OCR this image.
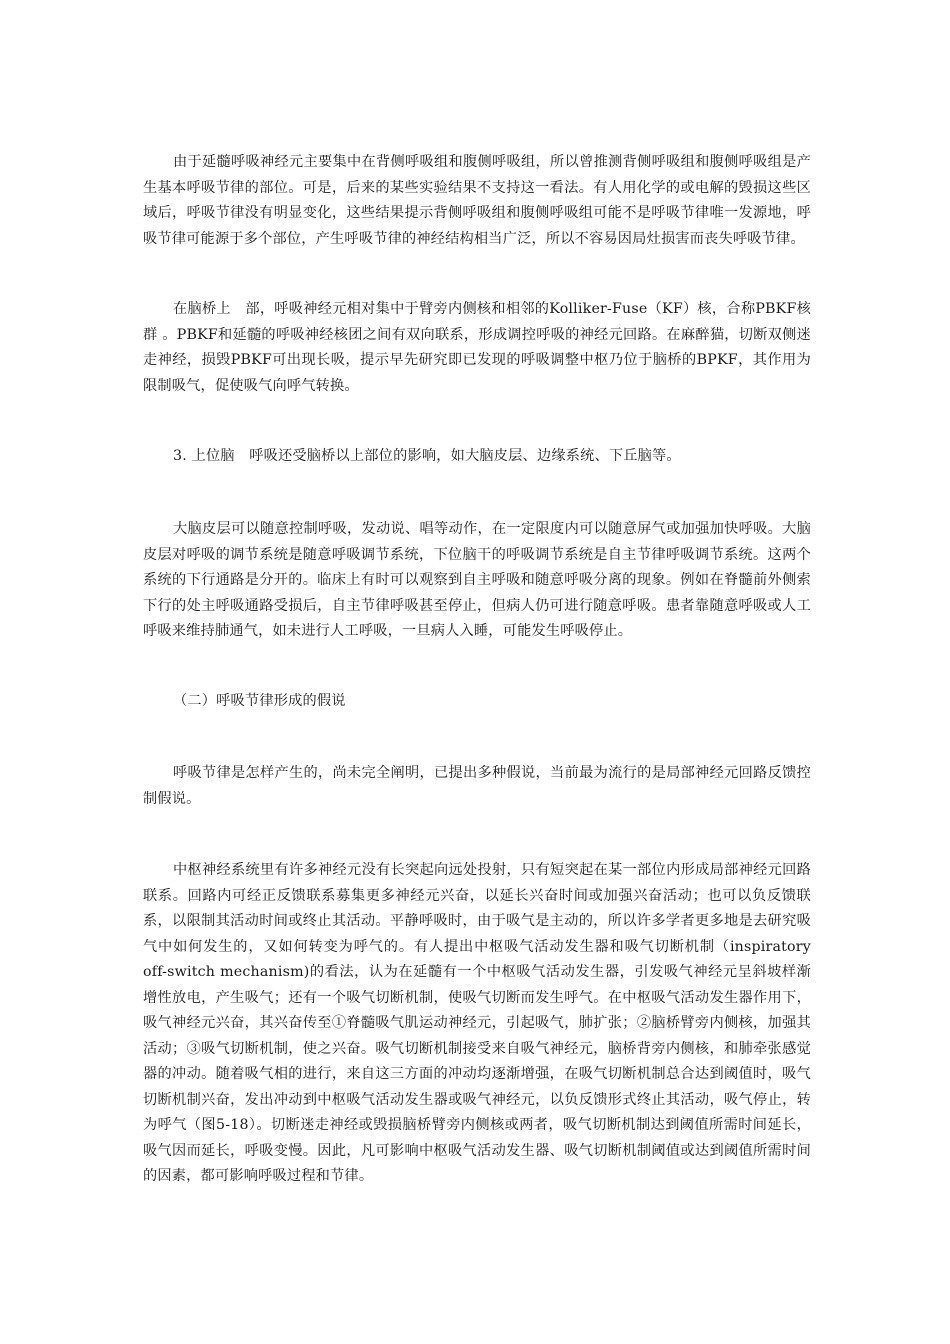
由于延髓呼吸神经元主要集中在背侧呼吸组和腹侧呼吸组，所以曾推测背侧呼吸组和腹侧呼吸组是产生基本呼吸节律的部位。可是，后来的某些实验结果不支持这一看法。有人用化学的或电解的毁损这些区域后，呼吸节律没有明显变化，这些结果提示背侧呼吸组和腹侧呼吸组可能不是呼吸节律唯一发源地，呼吸节律可能源于多个部位，产生呼吸节律的神经结构相当广泛，所以不容易因局灶损害而丧失呼吸节律。

在脑桥上　部，呼吸神经元相对集中于臂旁内侧核和相邻的Kolliker-Fuse（KF）核，合称PBKF核群 。PBKF和延髓的呼吸神经核团之间有双向联系，形成调控呼吸的神经元回路。在麻醉猫，切断双侧迷走神经，损毁PBKF可出现长吸，提示早先研究即已发现的呼吸调整中枢乃位于脑桥的BPKF，其作用为限制吸气，促使吸气向呼气转换。

3. 上位脑　呼吸还受脑桥以上部位的影响，如大脑皮层、边缘系统、下丘脑等。

大脑皮层可以随意控制呼吸，发动说、唱等动作，在一定限度内可以随意屏气或加强加快呼吸。大脑皮层对呼吸的调节系统是随意呼吸调节系统，下位脑干的呼吸调节系统是自主节律呼吸调节系统。这两个系统的下行通路是分开的。临床上有时可以观察到自主呼吸和随意呼吸分离的现象。例如在脊髓前外侧索下行的处主呼吸通路受损后，自主节律呼吸甚至停止，但病人仍可进行随意呼吸。患者靠随意呼吸或人工呼吸来维持肺通气，如未进行人工呼吸，一旦病人入睡，可能发生呼吸停止。

（二）呼吸节律形成的假说

呼吸节律是怎样产生的，尚未完全阐明，已提出多种假说，当前最为流行的是局部神经元回路反馈控制假说。

中枢神经系统里有许多神经元没有长突起向远处投射，只有短突起在某一部位内形成局部神经元回路联系。回路内可经正反馈联系募集更多神经元兴奋，以延长兴奋时间或加强兴奋活动；也可以负反馈联系，以限制其活动时间或终止其活动。平静呼吸时，由于吸气是主动的，所以许多学者更多地是去研究吸气中如何发生的，又如何转变为呼气的。有人提出中枢吸气活动发生器和吸气切断机制（inspiratory off-switch mechanism)的看法，认为在延髓有一个中枢吸气活动发生器，引发吸气神经元呈斜坡样渐增性放电，产生吸气；还有一个吸气切断机制，使吸气切断而发生呼气。在中枢吸气活动发生器作用下，吸气神经元兴奋，其兴奋传至①脊髓吸气肌运动神经元，引起吸气，肺扩张；②脑桥臂旁内侧核，加强其活动；③吸气切断机制，使之兴奋。吸气切断机制接受来自吸气神经元，脑桥背旁内侧核，和肺牵张感觉器的冲动。随着吸气相的进行，来自这三方面的冲动均逐渐增强，在吸气切断机制总合达到阈值时，吸气切断机制兴奋，发出冲动到中枢吸气活动发生器或吸气神经元，以负反馈形式终止其活动，吸气停止，转为呼气（图5-18）。切断迷走神经或毁损脑桥臂旁内侧核或两者，吸气切断机制达到阈值所需时间延长，吸气因而延长，呼吸变慢。因此，凡可影响中枢吸气活动发生器、吸气切断机制阈值或达到阈值所需时间的因素，都可影响呼吸过程和节律。
